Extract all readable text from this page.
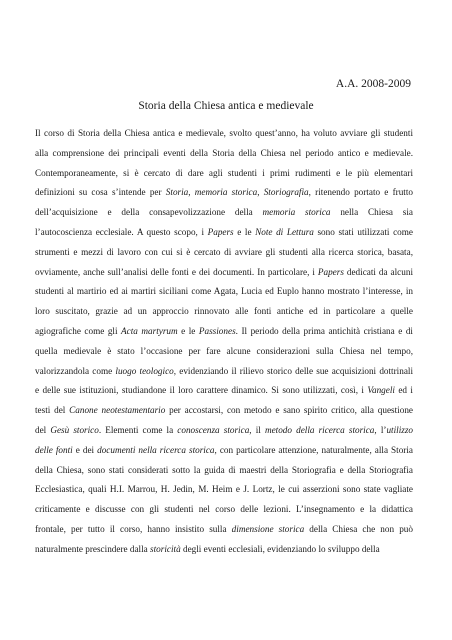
A.A. 2008-2009
Storia della Chiesa antica e medievale
Il corso di Storia della Chiesa antica e medievale, svolto quest’anno, ha voluto avviare gli studenti
alla comprensione dei principali eventi della Storia della Chiesa nel periodo antico e medievale.
Contemporaneamente, si è cercato di dare agli studenti i primi rudimenti e le più elementari
definizioni su cosa s’intende per Storia, memoria storica, Storiografia, ritenendo portato e frutto
dell’acquisizione e della consapevolizzazione della memoria storica nella Chiesa sia
l’autocoscienza ecclesiale. A questo scopo, i Papers e le Note di Lettura sono stati utilizzati come
strumenti e mezzi di lavoro con cui si è cercato di avviare gli studenti alla ricerca storica, basata,
ovviamente, anche sull’analisi delle fonti e dei documenti. In particolare, i Papers dedicati da alcuni
studenti al martirio ed ai martiri siciliani come Agata, Lucia ed Euplo hanno mostrato l’interesse, in
loro suscitato, grazie ad un approccio rinnovato alle fonti antiche ed in particolare a quelle
agiografiche come gli Acta martyrum e le Passiones. Il periodo della prima antichità cristiana e di
quella medievale è stato l’occasione per fare alcune considerazioni sulla Chiesa nel tempo,
valorizzandola come luogo teologico, evidenziando il rilievo storico delle sue acquisizioni dottrinali
e delle sue istituzioni, studiandone il loro carattere dinamico. Si sono utilizzati, così, i Vangeli ed i
testi del Canone neotestamentario per accostarsi, con metodo e sano spirito critico, alla questione
del Gesù storico. Elementi come la conoscenza storica, il metodo della ricerca storica, l’utilizzo
delle fonti e dei documenti nella ricerca storica, con particolare attenzione, naturalmente, alla Storia
della Chiesa, sono stati considerati sotto la guida di maestri della Storiografia e della Storiografia
Ecclesiastica, quali H.I. Marrou, H. Jedin, M. Heim e J. Lortz, le cui asserzioni sono state vagliate
criticamente e discusse con gli studenti nel corso delle lezioni. L’insegnamento e la didattica
frontale, per tutto il corso, hanno insistito sulla dimensione storica della Chiesa che non può
naturalmente prescindere dalla storicità degli eventi ecclesiali, evidenziando lo sviluppo della
